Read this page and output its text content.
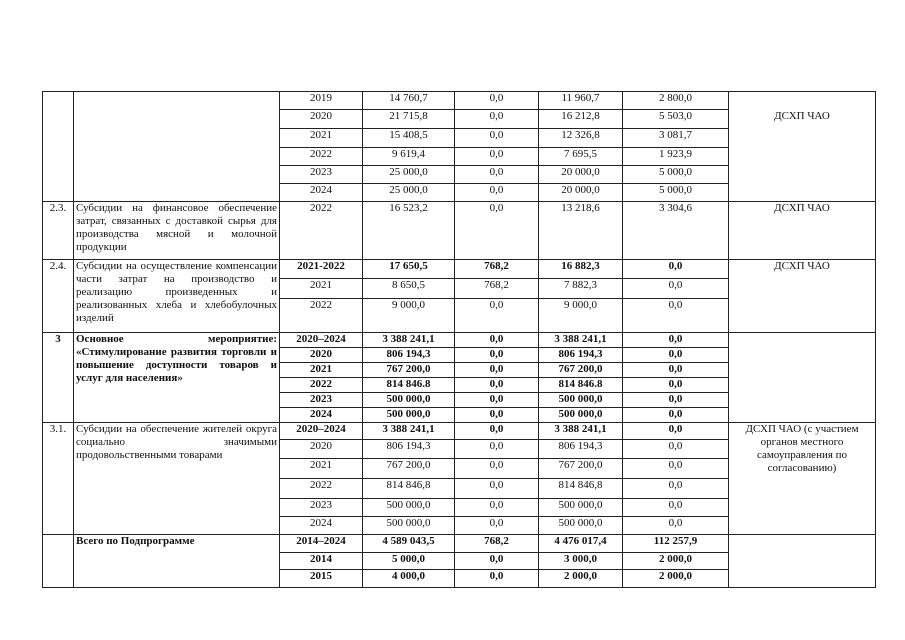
		2019	14 760,7	0,0	11 960,7	2 800,0	ДСХП ЧАО

		2020	21 715,8	0,0	16 212,8	5 503,0	
		2021	15 408,5	0,0	12 326,8	3 081,7	
		2022	9 619,4	0,0	7 695,5	1 923,9	
		2023	25 000,0	0,0	20 000,0	5 000,0	
		2024	25 000,0	0,0	20 000,0	5 000,0	
2.3.	Субсидии на финансовое обеспечение затрат, связанных с доставкой сырья для производства мясной и молочной продукции	2022	16 523,2	0,0	13 218,6	3 304,6	ДСХП ЧАО
2.4.	Субсидии на осуществление компенсации части затрат на производство и реализацию произведенных и реализованных хлеба и хлебобулочных изделий	2021-2022	17 650,5	768,2	16 882,3	0,0	ДСХП ЧАО
		2021	8 650,5	768,2	7 882,3	0,0	
		2022	9 000,0	0,0	9 000,0	0,0	
3	Основное мероприятие: «Стимулирование развития торговли и повышение доступности товаров и услуг для населения»	2020–2024	3 388 241,1	0,0	3 388 241,1	0,0	
		2020	806 194,3	0,0	806 194,3	0,0	
		2021	767 200,0	0,0	767 200,0	0,0	
		2022	814 846.8	0,0	814 846.8	0,0	
		2023	500 000,0	0,0	500 000,0	0,0	
		2024	500 000,0	0,0	500 000,0	0,0	
3.1.	Субсидии на обеспечение жителей округа социально значимыми продовольственными товарами	2020–2024	3 388 241,1	0,0	3 388 241,1	0,0	ДСХП ЧАО (с участием органов местного самоуправления по согласованию)
		2020	806 194,3	0,0	806 194,3	0,0	
		2021	767 200,0	0,0	767 200,0	0,0	
		2022	814 846,8	0,0	814 846,8	0,0	
		2023	500 000,0	0,0	500 000,0	0,0	
		2024	500 000,0	0,0	500 000,0	0,0	
	Всего по Подпрограмме	2014–2024	4 589 043,5	768,2	4 476 017,4	112 257,9	
		2014	5 000,0	0,0	3 000,0	2 000,0	
		2015	4 000,0	0,0	2 000,0	2 000,0	
